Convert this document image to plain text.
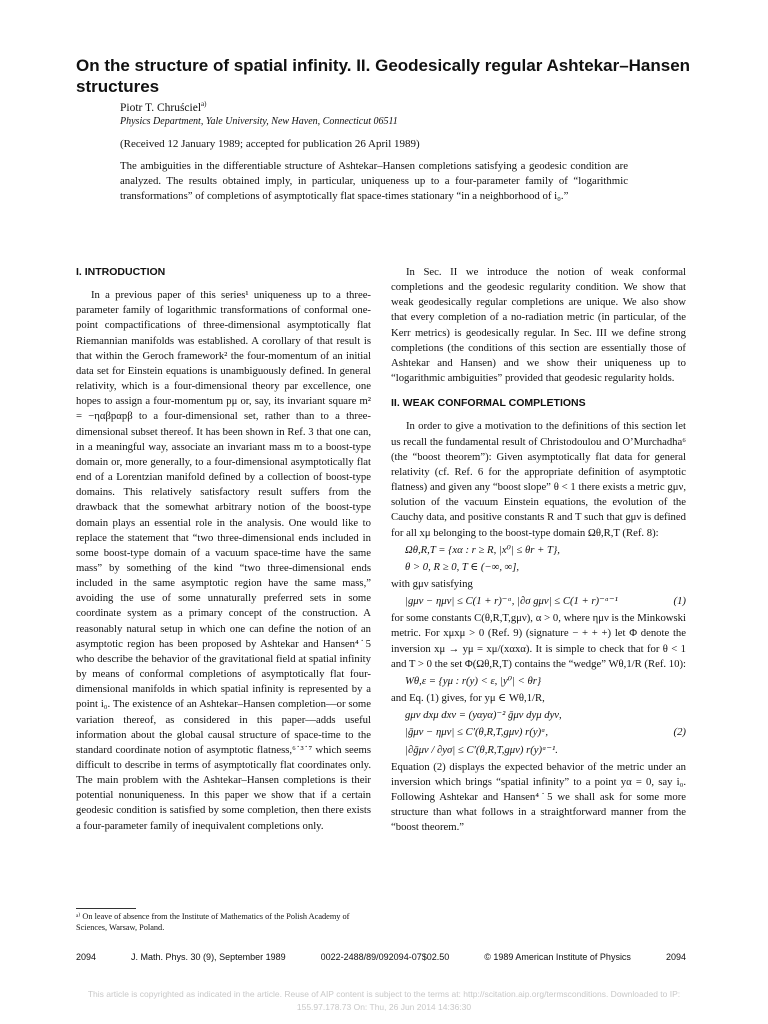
On the structure of spatial infinity. II. Geodesically regular Ashtekar–Hansen structures
Piotr T. Chruściel$^{a)}$
Physics Department, Yale University, New Haven, Connecticut 06511
(Received 12 January 1989; accepted for publication 26 April 1989)

The ambiguities in the differentiable structure of Ashtekar–Hansen completions satisfying a geodesic condition are analyzed. The results obtained imply, in particular, uniqueness up to a four-parameter family of “logarithmic transformations” of completions of asymptotically flat space-times stationary “in a neighborhood of i₀.”

I. INTRODUCTION

In a previous paper of this series¹ uniqueness up to a three-parameter family of logarithmic transformations of conformal one-point compactifications of three-dimensional asymptotically flat Riemannian manifolds was established. A corollary of that result is that within the Geroch framework² the four-momentum of an initial data set for Einstein equations is unambiguously defined. In general relativity, which is a four-dimensional theory par excellence, one hopes to assign a four-momentum pμ or, say, its invariant square m² = −ηαβpαpβ to a four-dimensional set, rather than to a three-dimensional subset thereof. It has been shown in Ref. 3 that one can, in a meaningful way, associate an invariant mass m to a boost-type domain or, more generally, to a four-dimensional asymptotically flat end of a Lorentzian manifold defined by a collection of boost-type domains. This relatively satisfactory result suffers from the drawback that the somewhat arbitrary notion of the boost-type domain plays an essential role in the analysis. One would like to replace the statement that “two three-dimensional ends included in some boost-type domain of a vacuum space-time have the same mass” by something of the kind “two three-dimensional ends included in the same asymptotic region have the same mass,” avoiding the use of some unnaturally preferred sets in some coordinate system as a primary concept of the construction. A reasonably natural setup in which one can define the notion of an asymptotic region has been proposed by Ashtekar and Hansen⁴˙5 who describe the behavior of the gravitational field at spatial infinity by means of conformal completions of asymptotically flat four-dimensional manifolds in which spatial infinity is represented by a point i₀. The existence of an Ashtekar–Hansen completion—or some variation thereof, as considered in this paper—adds useful information about the global causal structure of space-time to the standard coordinate notion of asymptotic flatness,⁶˙³˙⁷ which seems difficult to describe in terms of asymptotically flat coordinates only. The main problem with the Ashtekar–Hansen completions is their potential nonuniqueness. In this paper we show that if a certain geodesic condition is satisfied by some completion, then there exists a four-parameter family of inequivalent completions only.

In Sec. II we introduce the notion of weak conformal completions and the geodesic regularity condition. We show that weak geodesically regular completions are unique. We also show that every completion of a no-radiation metric (in particular, of the Kerr metrics) is geodesically regular. In Sec. III we define strong completions (the conditions of this section are essentially those of Ashtekar and Hansen) and we show their uniqueness up to “logarithmic ambiguities” provided that geodesic regularity holds.

II. WEAK CONFORMAL COMPLETIONS

In order to give a motivation to the definitions of this section let us recall the fundamental result of Christodoulou and O’Murchadha⁶ (the “boost theorem”): Given asymptotically flat data for general relativity (cf. Ref. 6 for the appropriate definition of asymptotic flatness) and given any “boost slope” θ < 1 there exists a metric gμν, solution of the vacuum Einstein equations, the evolution of the Cauchy data, and positive constants R and T such that gμν is defined for all xμ belonging to the boost-type domain Ωθ,R,T (Ref. 8):

Ωθ,R,T = {xα : r ≥ R, |x⁰| ≤ θr + T},
θ > 0, R ≥ 0, T ∈ (−∞, ∞],

with gμν satisfying

|gμν − ημν| ≤ C(1 + r)⁻ᵅ, |∂σ gμν| ≤ C(1 + r)⁻ᵅ⁻¹	(1)

for some constants C(θ,R,T,gμν), α > 0, where ημν is the Minkowski metric. For xμxμ > 0 (Ref. 9) (signature − + + +) let Φ denote the inversion xμ → yμ = xμ/(xαxα). It is simple to check that for θ < 1 and T > 0 the set Φ(Ωθ,R,T) contains the “wedge” Wθ,1/R (Ref. 10):

Wθ,ε = {yμ : r(y) < ε, |y⁰| < θr}

and Eq. (1) gives, for yμ ∈ Wθ,1/R,

gμν dxμ dxν = (yαyα)⁻² ḡμν dyμ dyν,
|ḡμν − ημν| ≤ C′(θ,R,T,gμν) r(y)ᵅ,	(2)
|∂ḡμν / ∂yσ| ≤ C′(θ,R,T,gμν) r(y)ᵅ⁻¹.

Equation (2) displays the expected behavior of the metric under an inversion which brings “spatial infinity” to a point yα = 0, say i₀. Following Ashtekar and Hansen⁴˙5 we shall ask for some more structure than what follows in a straightforward manner from the “boost theorem.”

ᵃ⁾ On leave of absence from the Institute of Mathematics of the Polish Academy of Sciences, Warsaw, Poland.

2094	J. Math. Phys. 30 (9), September 1989	0022-2488/89/092094-07$02.50	© 1989 American Institute of Physics	2094
This article is copyrighted as indicated in the article. Reuse of AIP content is subject to the terms at: http://scitation.aip.org/termsconditions. Downloaded to IP:
155.97.178.73 On: Thu, 26 Jun 2014 14:36:30
